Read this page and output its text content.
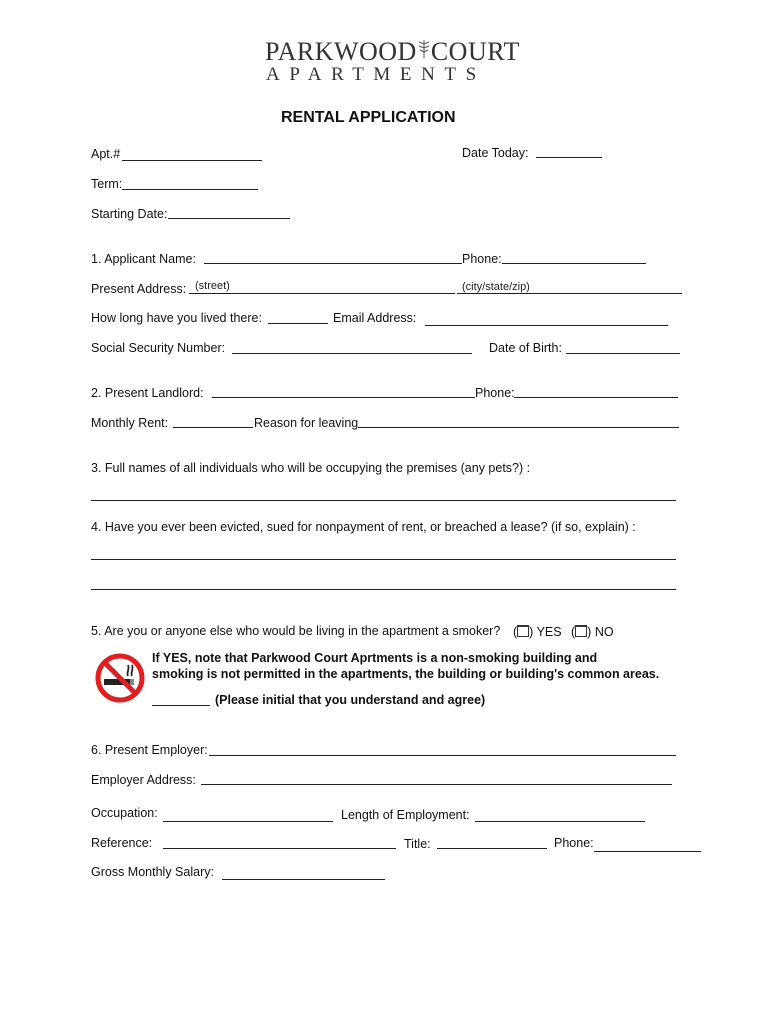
PARKWOOD COURT
APARTMENTS
RENTAL APPLICATION
Apt.#	Date Today:
Term:
Starting Date:
1. Applicant Name:	Phone:
Present Address: (street)	(city/state/zip)
How long have you lived there:	Email Address:
Social Security Number:	Date of Birth:
2. Present Landlord:	Phone:
Monthly Rent:	Reason for leaving
3. Full names of all individuals who will be occupying the premises (any pets?) :
4. Have you ever been evicted, sued for nonpayment of rent, or breached a lease? (if so, explain) :
5. Are you or anyone else who would be living in the apartment a smoker? ( ) YES ( ) NO
If YES, note that Parkwood Court Aprtments is a non-smoking building and
smoking is not permitted in the apartments, the building or building's common areas.
(Please initial that you understand and agree)
6. Present Employer:
Employer Address:
Occupation:	Length of Employment:
Reference:	Title:	Phone:
Gross Monthly Salary:
